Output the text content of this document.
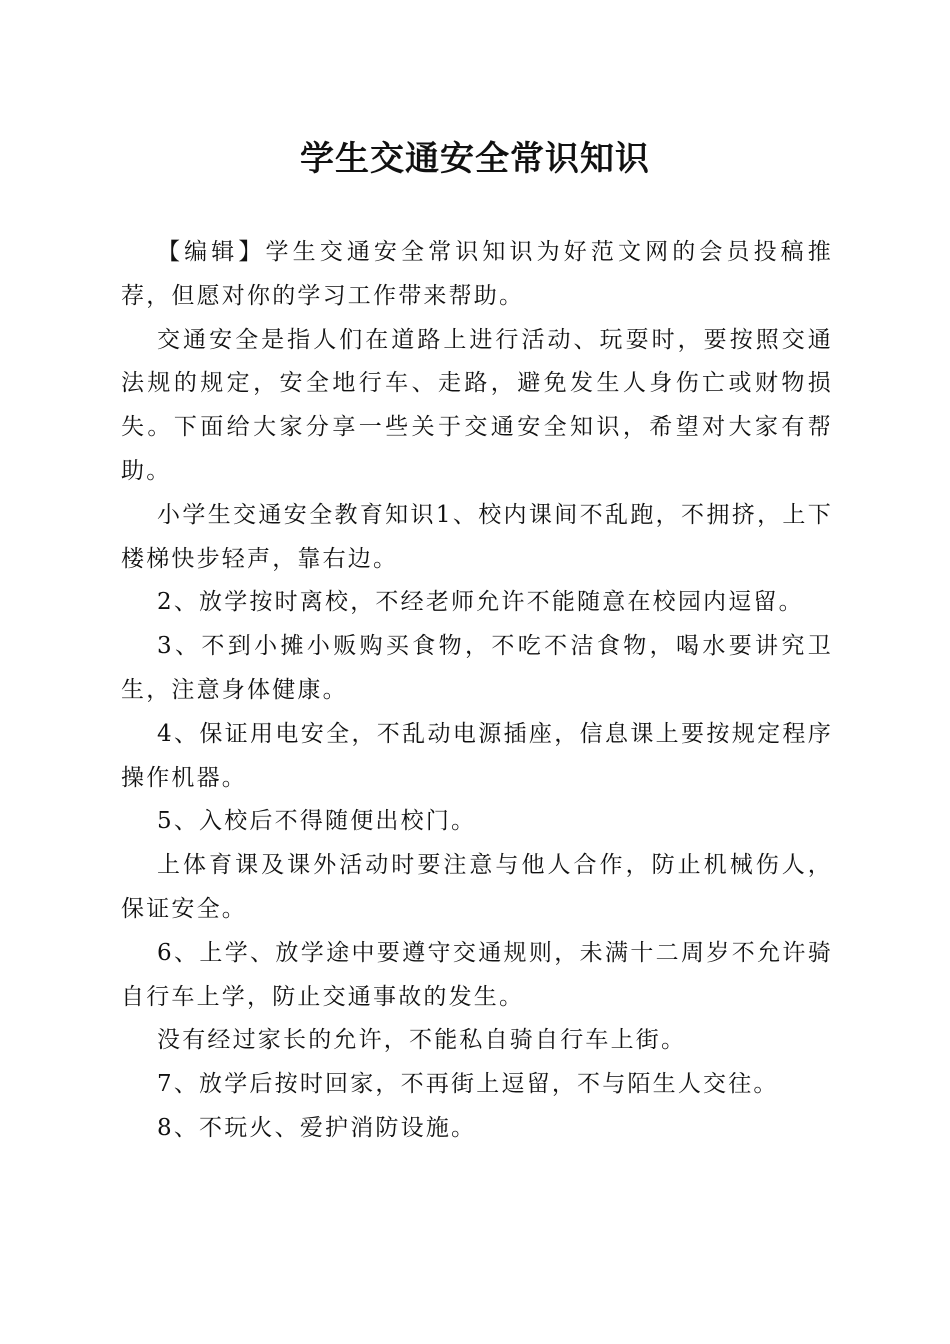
学生交通安全常识知识

【编辑】学生交通安全常识知识为好范文网的会员投稿推荐，但愿对你的学习工作带来帮助。

交通安全是指人们在道路上进行活动、玩耍时，要按照交通法规的规定，安全地行车、走路，避免发生人身伤亡或财物损失。下面给大家分享一些关于交通安全知识，希望对大家有帮助。

小学生交通安全教育知识1、校内课间不乱跑，不拥挤，上下楼梯快步轻声，靠右边。

2、放学按时离校，不经老师允许不能随意在校园内逗留。

3、不到小摊小贩购买食物，不吃不洁食物，喝水要讲究卫生，注意身体健康。

4、保证用电安全，不乱动电源插座，信息课上要按规定程序操作机器。

5、入校后不得随便出校门。

上体育课及课外活动时要注意与他人合作，防止机械伤人，保证安全。

6、上学、放学途中要遵守交通规则，未满十二周岁不允许骑自行车上学，防止交通事故的发生。

没有经过家长的允许，不能私自骑自行车上街。

7、放学后按时回家，不再街上逗留，不与陌生人交往。

8、不玩火、爱护消防设施。
